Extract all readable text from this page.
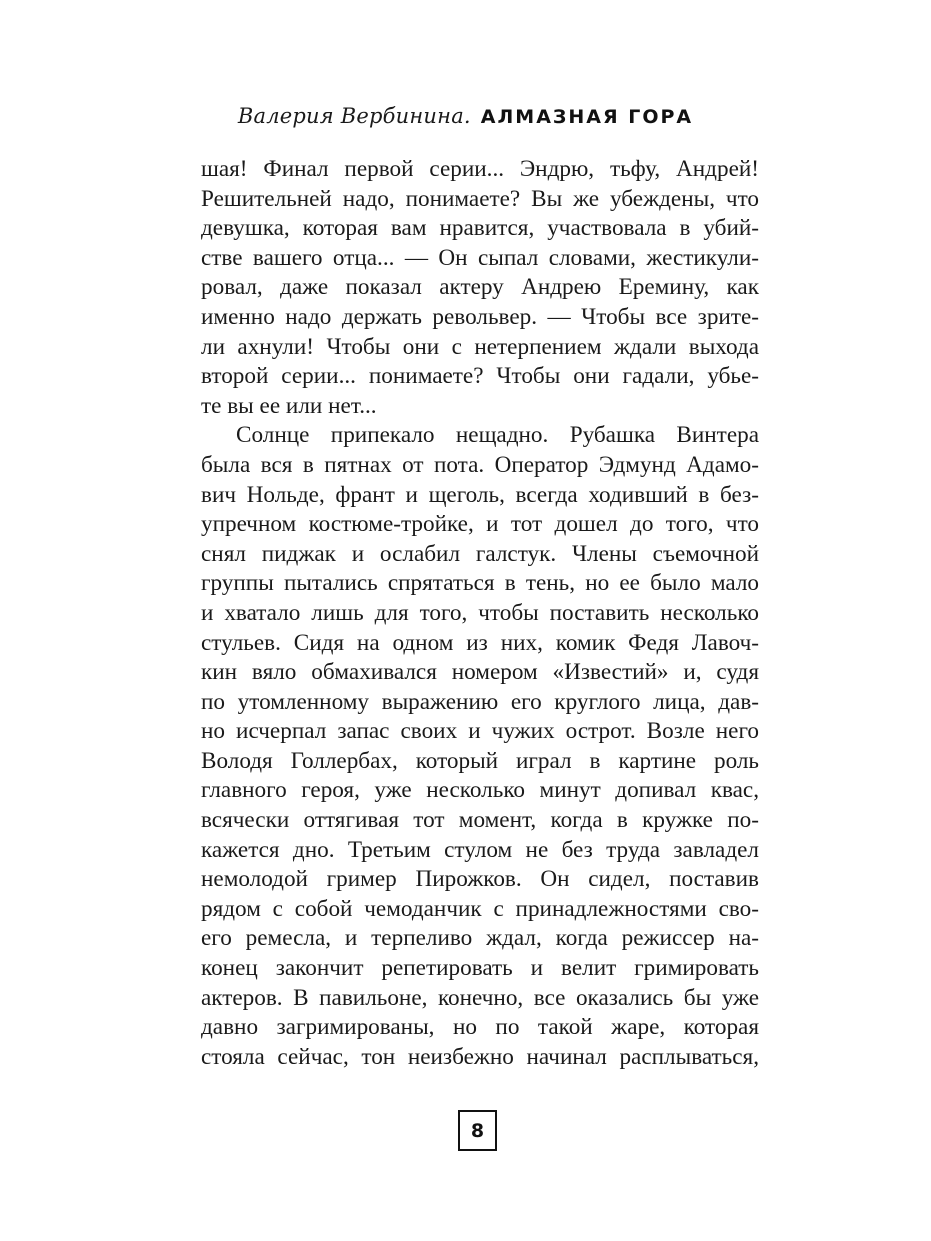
Валерия Вербинина. АЛМАЗНАЯ ГОРА
шая! Финал первой серии... Эндрю, тьфу, Андрей!
Решительней надо, понимаете? Вы же убеждены, что
девушка, которая вам нравится, участвовала в убий-
стве вашего отца... — Он сыпал словами, жестикули-
ровал, даже показал актеру Андрею Еремину, как
именно надо держать револьвер. — Чтобы все зрите-
ли ахнули! Чтобы они с нетерпением ждали выхода
второй серии... понимаете? Чтобы они гадали, убье-
те вы ее или нет...
Солнце припекало нещадно. Рубашка Винтера
была вся в пятнах от пота. Оператор Эдмунд Адамо-
вич Нольде, франт и щеголь, всегда ходивший в без-
упречном костюме-тройке, и тот дошел до того, что
снял пиджак и ослабил галстук. Члены съемочной
группы пытались спрятаться в тень, но ее было мало
и хватало лишь для того, чтобы поставить несколько
стульев. Сидя на одном из них, комик Федя Лавоч-
кин вяло обмахивался номером «Известий» и, судя
по утомленному выражению его круглого лица, дав-
но исчерпал запас своих и чужих острот. Возле него
Володя Голлербах, который играл в картине роль
главного героя, уже несколько минут допивал квас,
всячески оттягивая тот момент, когда в кружке по-
кажется дно. Третьим стулом не без труда завладел
немолодой гример Пирожков. Он сидел, поставив
рядом с собой чемоданчик с принадлежностями сво-
его ремесла, и терпеливо ждал, когда режиссер на-
конец закончит репетировать и велит гримировать
актеров. В павильоне, конечно, все оказались бы уже
давно загримированы, но по такой жаре, которая
стояла сейчас, тон неизбежно начинал расплываться,
8
